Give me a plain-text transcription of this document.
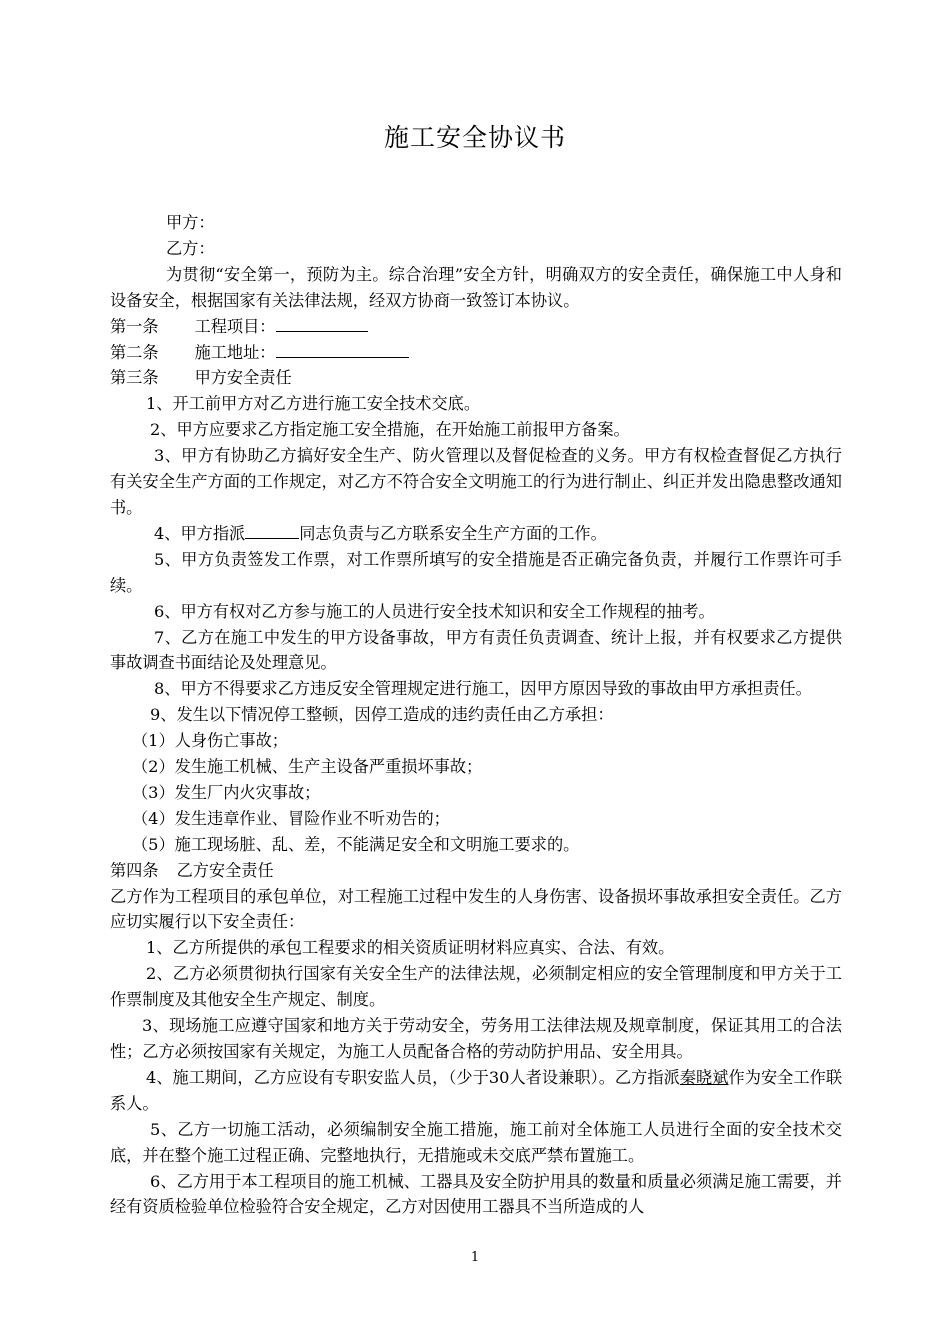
施工安全协议书

甲方：

乙方：

为贯彻“安全第一，预防为主。综合治理”安全方针，明确双方的安全责任，确保施工中人身和设备安全，根据国家有关法律法规，经双方协商一致签订本协议。

第一条 工程项目：

第二条 施工地址：

第三条 甲方安全责任

1、开工前甲方对乙方进行施工安全技术交底。

2、甲方应要求乙方指定施工安全措施，在开始施工前报甲方备案。

3、甲方有协助乙方搞好安全生产、防火管理以及督促检查的义务。甲方有权检查督促乙方执行有关安全生产方面的工作规定，对乙方不符合安全文明施工的行为进行制止、纠正并发出隐患整改通知书。

4、甲方指派	同志负责与乙方联系安全生产方面的工作。

5、甲方负责签发工作票，对工作票所填写的安全措施是否正确完备负责，并履行工作票许可手续。

6、甲方有权对乙方参与施工的人员进行安全技术知识和安全工作规程的抽考。

7、乙方在施工中发生的甲方设备事故，甲方有责任负责调查、统计上报，并有权要求乙方提供事故调查书面结论及处理意见。

8、甲方不得要求乙方违反安全管理规定进行施工，因甲方原因导致的事故由甲方承担责任。

9、发生以下情况停工整顿，因停工造成的违约责任由乙方承担：

（1）人身伤亡事故；

（2）发生施工机械、生产主设备严重损坏事故；

（3）发生厂内火灾事故；

（4）发生违章作业、冒险作业不听劝告的；

（5）施工现场脏、乱、差，不能满足安全和文明施工要求的。

第四条 乙方安全责任

乙方作为工程项目的承包单位，对工程施工过程中发生的人身伤害、设备损坏事故承担安全责任。乙方应切实履行以下安全责任：

1、乙方所提供的承包工程要求的相关资质证明材料应真实、合法、有效。

2、乙方必须贯彻执行国家有关安全生产的法律法规，必须制定相应的安全管理制度和甲方关于工作票制度及其他安全生产规定、制度。

3、现场施工应遵守国家和地方关于劳动安全，劳务用工法律法规及规章制度，保证其用工的合法性；乙方必须按国家有关规定，为施工人员配备合格的劳动防护用品、安全用具。

4、施工期间，乙方应设有专职安监人员，（少于30人者设兼职）。乙方指派秦晓斌作为安全工作联系人。

5、乙方一切施工活动，必须编制安全施工措施，施工前对全体施工人员进行全面的安全技术交底，并在整个施工过程正确、完整地执行，无措施或未交底严禁布置施工。

6、乙方用于本工程项目的施工机械、工器具及安全防护用具的数量和质量必须满足施工需要，并经有资质检验单位检验符合安全规定，乙方对因使用工器具不当所造成的人

1
